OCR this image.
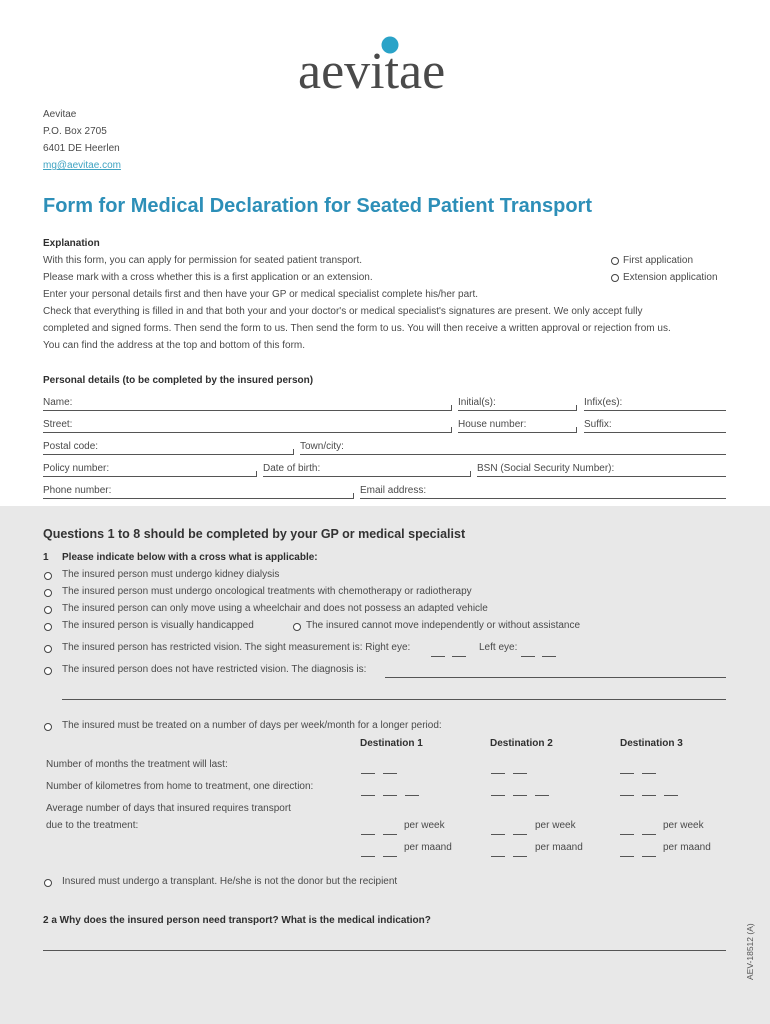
aevitae
Aevitae
P.O. Box 2705
6401 DE Heerlen
mg@aevitae.com
Form for Medical Declaration for Seated Patient Transport
Explanation
With this form, you can apply for permission for seated patient transport.
Please mark with a cross whether this is a first application or an extension.
Enter your personal details first and then have your GP or medical specialist complete his/her part.
Check that everything is filled in and that both your and your doctor's or medical specialist's signatures are present. We only accept fully
completed and signed forms. Then send the form to us. Then send the form to us. You will then receive a written approval or rejection from us.
You can find the address at the top and bottom of this form.
First application
Extension application
Personal details (to be completed by the insured person)
Name:	Initial(s):	Infix(es):
Street:	House number:	Suffix:
Postal code:	Town/city:
Policy number:	Date of birth:	BSN (Social Security Number):
Phone number:	Email address:
Questions 1 to 8 should be completed by your GP or medical specialist
1 Please indicate below with a cross what is applicable:
The insured person must undergo kidney dialysis
The insured person must undergo oncological treatments with chemotherapy or radiotherapy
The insured person can only move using a wheelchair and does not possess an adapted vehicle
The insured person is visually handicapped	The insured cannot move independently or without assistance
The insured person has restricted vision. The sight measurement is: Right eye:	Left eye:
The insured person does not have restricted vision. The diagnosis is:
The insured must be treated on a number of days per week/month for a longer period:
Destination 1	Destination 2	Destination 3
Number of months the treatment will last:
Number of kilometres from home to treatment, one direction:
Average number of days that insured requires transport
due to the treatment:	per week	per week	per week
per maand	per maand	per maand
Insured must undergo a transplant. He/she is not the donor but the recipient
2 a Why does the insured person need transport? What is the medical indication?
AEV-18512 (A)
